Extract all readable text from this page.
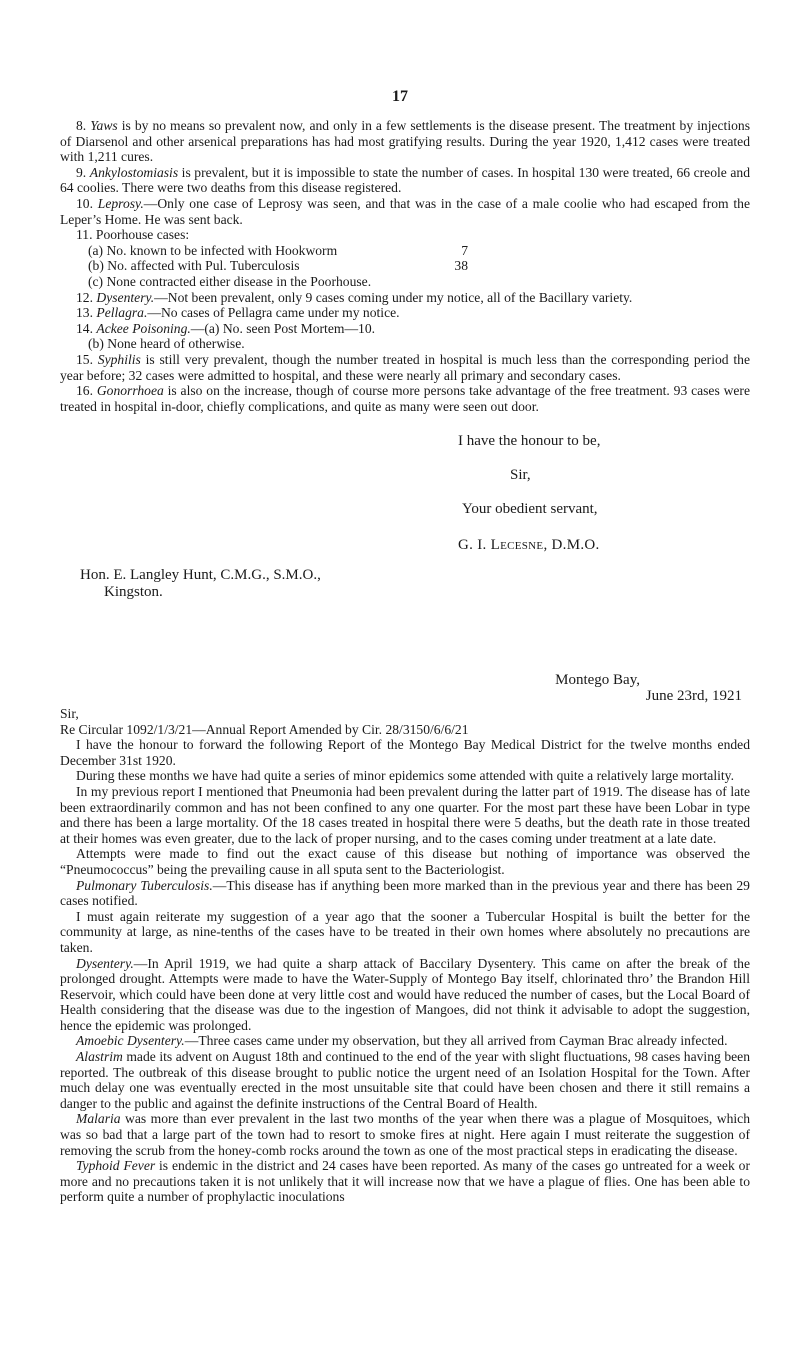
17

8. Yaws is by no means so prevalent now, and only in a few settlements is the disease present. The treatment by injections of Diarsenol and other arsenical preparations has had most gratifying results. During the year 1920, 1,412 cases were treated with 1,211 cures.

9. Ankylostomiasis is prevalent, but it is impossible to state the number of cases. In hospital 130 were treated, 66 creole and 64 coolies. There were two deaths from this disease registered.

10. Leprosy.—Only one case of Leprosy was seen, and that was in the case of a male coolie who had escaped from the Leper’s Home. He was sent back.

11. Poorhouse cases:

(a) No. known to be infected with Hookworm	7
(b) No. affected with Pul. Tuberculosis	38

(c) None contracted either disease in the Poorhouse.

12. Dysentery.—Not been prevalent, only 9 cases coming under my notice, all of the Bacillary variety.

13. Pellagra.—No cases of Pellagra came under my notice.

14. Ackee Poisoning.—(a) No. seen Post Mortem—10.

(b) None heard of otherwise.

15. Syphilis is still very prevalent, though the number treated in hospital is much less than the corresponding period the year before; 32 cases were admitted to hospital, and these were nearly all primary and secondary cases.

16. Gonorrhoea is also on the increase, though of course more persons take advantage of the free treatment. 93 cases were treated in hospital in-door, chiefly complications, and quite as many were seen out door.

I have the honour to be,
Sir,
Your obedient servant,
G. I. Lecesne, D.M.O.
Hon. E. Langley Hunt, C.M.G., S.M.O.,
Kingston.
Montego Bay,
June 23rd, 1921

Sir,

Re Circular 1092/1/3/21—Annual Report Amended by Cir. 28/3150/6/6/21

I have the honour to forward the following Report of the Montego Bay Medical District for the twelve months ended December 31st 1920.

During these months we have had quite a series of minor epidemics some attended with quite a relatively large mortality.

In my previous report I mentioned that Pneumonia had been prevalent during the latter part of 1919. The disease has of late been extraordinarily common and has not been confined to any one quarter. For the most part these have been Lobar in type and there has been a large mortality. Of the 18 cases treated in hospital there were 5 deaths, but the death rate in those treated at their homes was even greater, due to the lack of proper nursing, and to the cases coming under treatment at a late date.

Attempts were made to find out the exact cause of this disease but nothing of importance was observed the “Pneumococcus” being the prevailing cause in all sputa sent to the Bacteriologist.

Pulmonary Tuberculosis.—This disease has if anything been more marked than in the previous year and there has been 29 cases notified.

I must again reiterate my suggestion of a year ago that the sooner a Tubercular Hospital is built the better for the community at large, as nine-tenths of the cases have to be treated in their own homes where absolutely no precautions are taken.

Dysentery.—In April 1919, we had quite a sharp attack of Baccilary Dysentery. This came on after the break of the prolonged drought. Attempts were made to have the Water-Supply of Montego Bay itself, chlorinated thro’ the Brandon Hill Reservoir, which could have been done at very little cost and would have reduced the number of cases, but the Local Board of Health considering that the disease was due to the ingestion of Mangoes, did not think it advisable to adopt the suggestion, hence the epidemic was prolonged.

Amoebic Dysentery.—Three cases came under my observation, but they all arrived from Cayman Brac already infected.

Alastrim made its advent on August 18th and continued to the end of the year with slight fluctuations, 98 cases having been reported. The outbreak of this disease brought to public notice the urgent need of an Isolation Hospital for the Town. After much delay one was eventually erected in the most unsuitable site that could have been chosen and there it still remains a danger to the public and against the definite instructions of the Central Board of Health.

Malaria was more than ever prevalent in the last two months of the year when there was a plague of Mosquitoes, which was so bad that a large part of the town had to resort to smoke fires at night. Here again I must reiterate the suggestion of removing the scrub from the honey-comb rocks around the town as one of the most practical steps in eradicating the disease.

Typhoid Fever is endemic in the district and 24 cases have been reported. As many of the cases go untreated for a week or more and no precautions taken it is not unlikely that it will increase now that we have a plague of flies. One has been able to perform quite a number of prophylactic inoculations
